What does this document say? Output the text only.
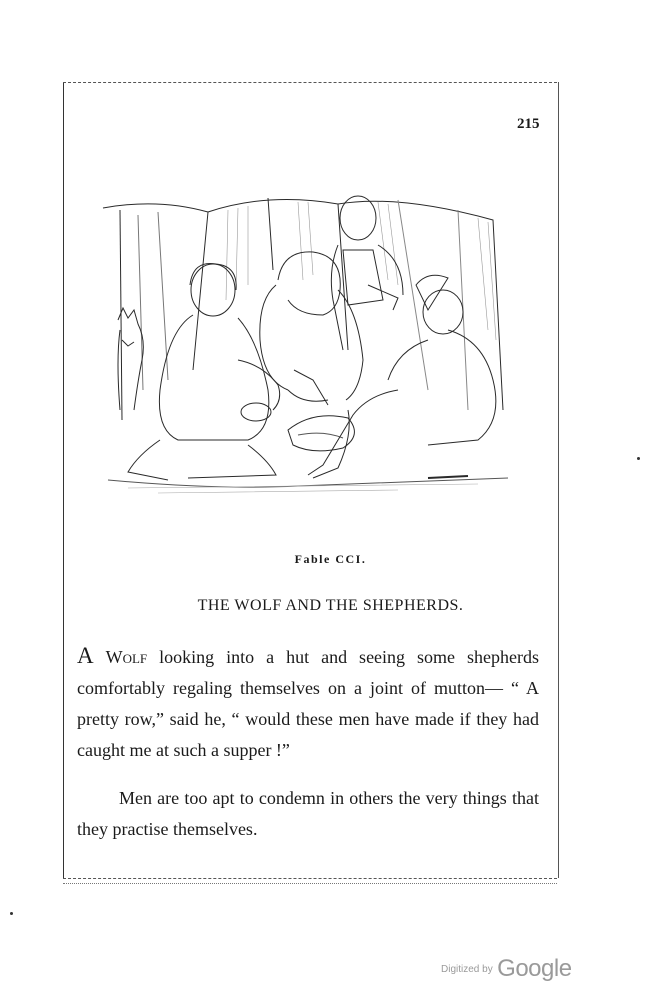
215
Fable CCI.
THE WOLF AND THE SHEPHERDS.

A Wolf looking into a hut and seeing some shepherds comfortably regaling themselves on a joint of mutton— “ A pretty row,” said he, “ would these men have made if they had caught me at such a supper !”

Men are too apt to condemn in others the very things that they practise themselves.

$^{Digitized by}$ Google
